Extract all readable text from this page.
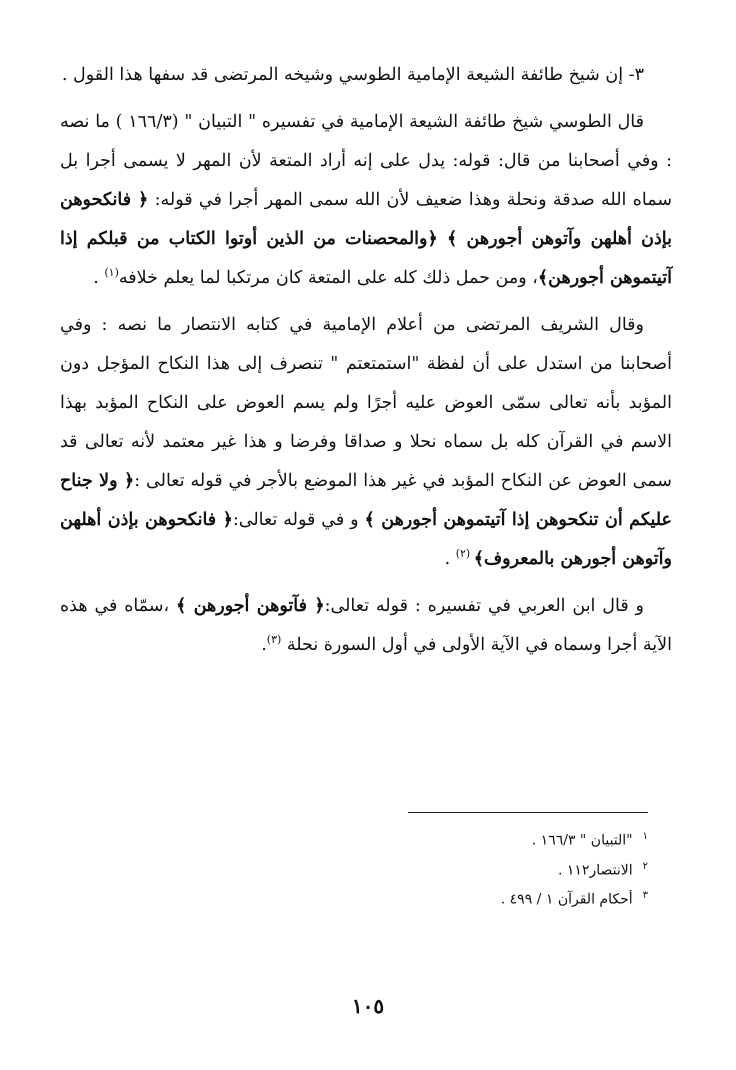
٣- إن شيخ طائفة الشيعة الإمامية الطوسي وشيخه المرتضى قد سفها هذا القول .

قال الطوسي شيخ طائفة الشيعة الإمامية في تفسيره " التبيان " (١٦٦/٣ ) ما نصه : وفي أصحابنا من قال: قوله: يدل على إنه أراد المتعة لأن المهر لا يسمى أجرا بل سماه الله صدقة ونحلة وهذا ضعيف لأن الله سمى المهر أجرا في قوله: ﴿ فانكحوهن بإذن أهلهن وآتوهن أجورهن ﴾ ﴿والمحصنات من الذين أوتوا الكتاب من قبلكم إذا آتيتموهن أجورهن﴾، ومن حمل ذلك كله على المتعة كان مرتكبا لما يعلم خلافه$^{(١)}$ .

وقال الشريف المرتضى من أعلام الإمامية في كتابه الانتصار ما نصه : وفي أصحابنا من استدل على أن لفظة "استمتعتم " تنصرف إلى هذا النكاح المؤجل دون المؤبد بأنه تعالى سمّى العوض عليه أجرًا ولم يسم العوض على النكاح المؤبد بهذا الاسم في القرآن كله بل سماه نحلا و صداقا وفرضا و هذا غير معتمد لأنه تعالى قد سمى العوض عن النكاح المؤبد في غير هذا الموضع بالأجر في قوله تعالى :﴿ ولا جناح عليكم أن تنكحوهن إذا آتيتموهن أجورهن ﴾ و في قوله تعالى:﴿ فانكحوهن بإذن أهلهن وآتوهن أجورهن بالمعروف﴾ $^{(٢)}$ .

و قال ابن العربي في تفسيره : قوله تعالى:﴿ فآتوهن أجورهن ﴾ ،سمّاه في هذه الآية أجرا وسماه في الآية الأولى في أول السورة نحلة $^{(٣)}$.

$^١$"التبيان " ١٦٦/٣ .
$^٢$الانتصار١١٢ .
$^٣$أحكام القرآن ١ / ٤٩٩ .
١٠٥
